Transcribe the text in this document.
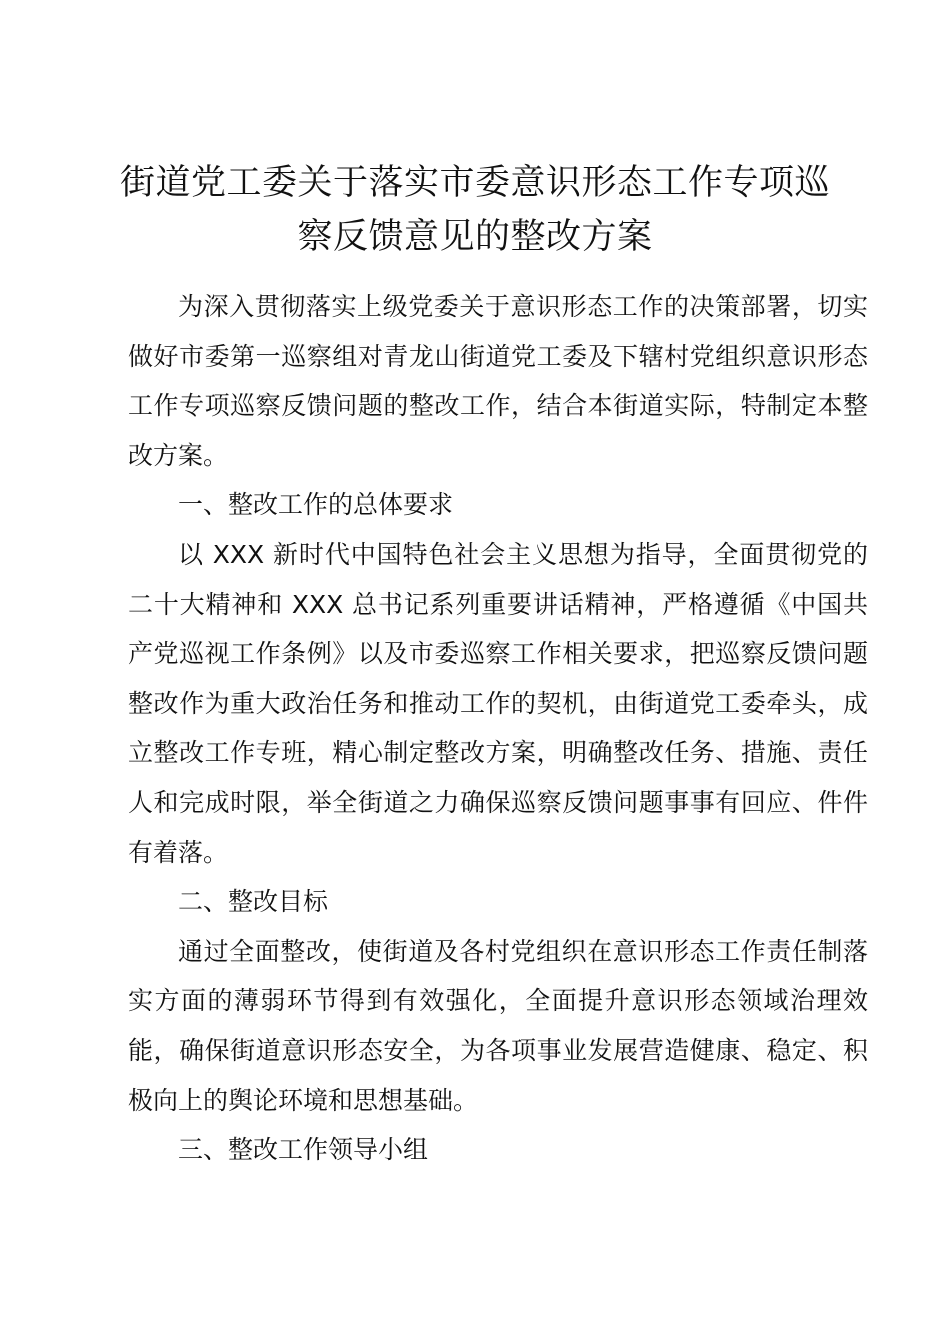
街道党工委关于落实市委意识形态工作专项巡
察反馈意见的整改方案

为深入贯彻落实上级党委关于意识形态工作的决策部署，切实做好市委第一巡察组对青龙山街道党工委及下辖村党组织意识形态工作专项巡察反馈问题的整改工作，结合本街道实际，特制定本整改方案。

一、整改工作的总体要求

以 XXX 新时代中国特色社会主义思想为指导，全面贯彻党的二十大精神和 XXX 总书记系列重要讲话精神，严格遵循《中国共产党巡视工作条例》以及市委巡察工作相关要求，把巡察反馈问题整改作为重大政治任务和推动工作的契机，由街道党工委牵头，成立整改工作专班，精心制定整改方案，明确整改任务、措施、责任人和完成时限，举全街道之力确保巡察反馈问题事事有回应、件件有着落。

二、整改目标

通过全面整改，使街道及各村党组织在意识形态工作责任制落实方面的薄弱环节得到有效强化，全面提升意识形态领域治理效能，确保街道意识形态安全，为各项事业发展营造健康、稳定、积极向上的舆论环境和思想基础。

三、整改工作领导小组
